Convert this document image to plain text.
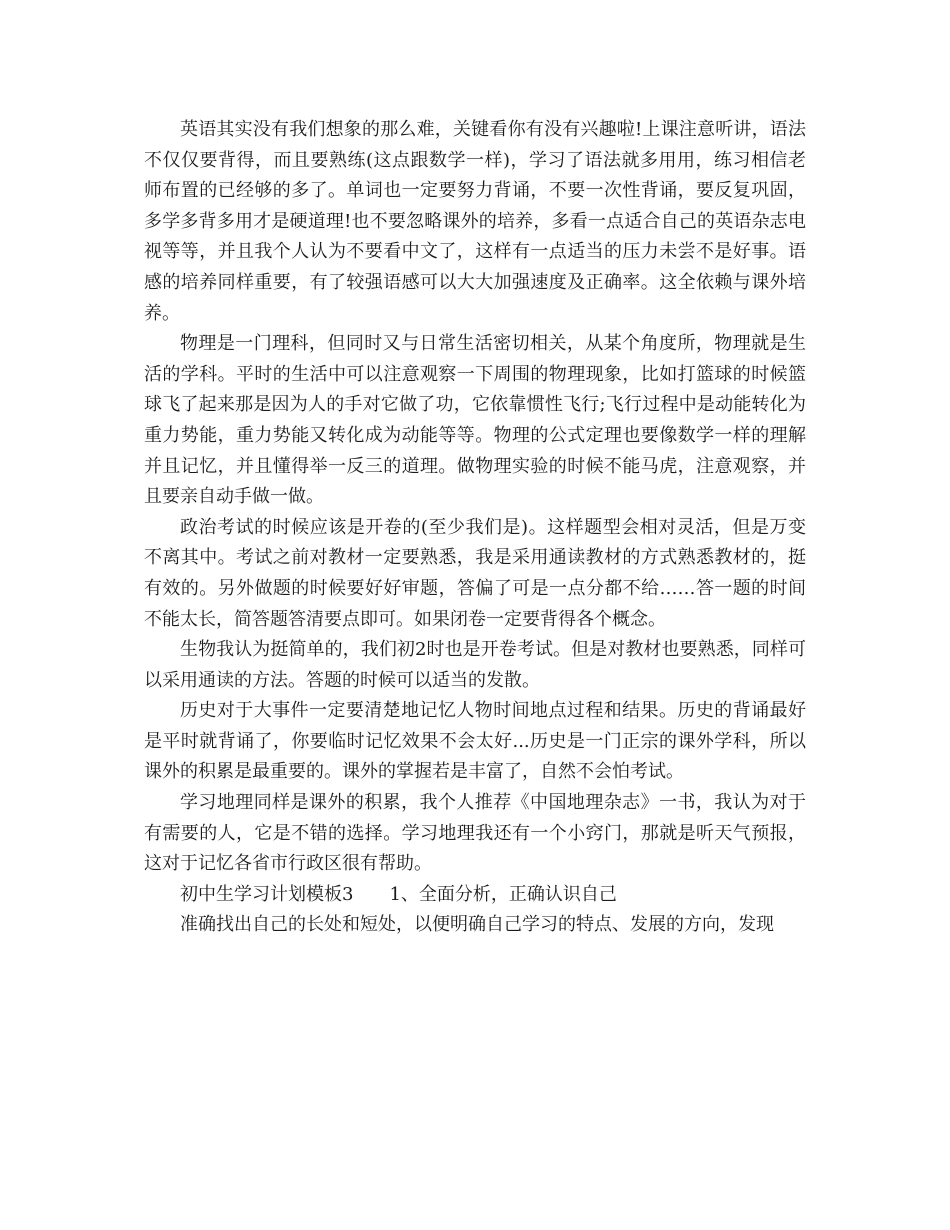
英语其实没有我们想象的那么难，关键看你有没有兴趣啦!上课注意听讲，语法不仅仅要背得，而且要熟练(这点跟数学一样)，学习了语法就多用用，练习相信老师布置的已经够的多了。单词也一定要努力背诵，不要一次性背诵，要反复巩固，多学多背多用才是硬道理!也不要忽略课外的培养，多看一点适合自己的英语杂志电视等等，并且我个人认为不要看中文了，这样有一点适当的压力未尝不是好事。语感的培养同样重要，有了较强语感可以大大加强速度及正确率。这全依赖与课外培养。

物理是一门理科，但同时又与日常生活密切相关，从某个角度所，物理就是生活的学科。平时的生活中可以注意观察一下周围的物理现象，比如打篮球的时候篮球飞了起来那是因为人的手对它做了功，它依靠惯性飞行;飞行过程中是动能转化为重力势能，重力势能又转化成为动能等等。物理的公式定理也要像数学一样的理解并且记忆，并且懂得举一反三的道理。做物理实验的时候不能马虎，注意观察，并且要亲自动手做一做。

政治考试的时候应该是开卷的(至少我们是)。这样题型会相对灵活，但是万变不离其中。考试之前对教材一定要熟悉，我是采用通读教材的方式熟悉教材的，挺有效的。另外做题的时候要好好审题，答偏了可是一点分都不给……答一题的时间不能太长，简答题答清要点即可。如果闭卷一定要背得各个概念。

生物我认为挺简单的，我们初2时也是开卷考试。但是对教材也要熟悉，同样可以采用通读的方法。答题的时候可以适当的发散。

历史对于大事件一定要清楚地记忆人物时间地点过程和结果。历史的背诵最好是平时就背诵了，你要临时记忆效果不会太好...历史是一门正宗的课外学科，所以课外的积累是最重要的。课外的掌握若是丰富了，自然不会怕考试。

学习地理同样是课外的积累，我个人推荐《中国地理杂志》一书，我认为对于有需要的人，它是不错的选择。学习地理我还有一个小窍门，那就是听天气预报，这对于记忆各省市行政区很有帮助。

初中生学习计划模板3 1、全面分析，正确认识自己

准确找出自己的长处和短处，以便明确自己学习的特点、发展的方向，发现
